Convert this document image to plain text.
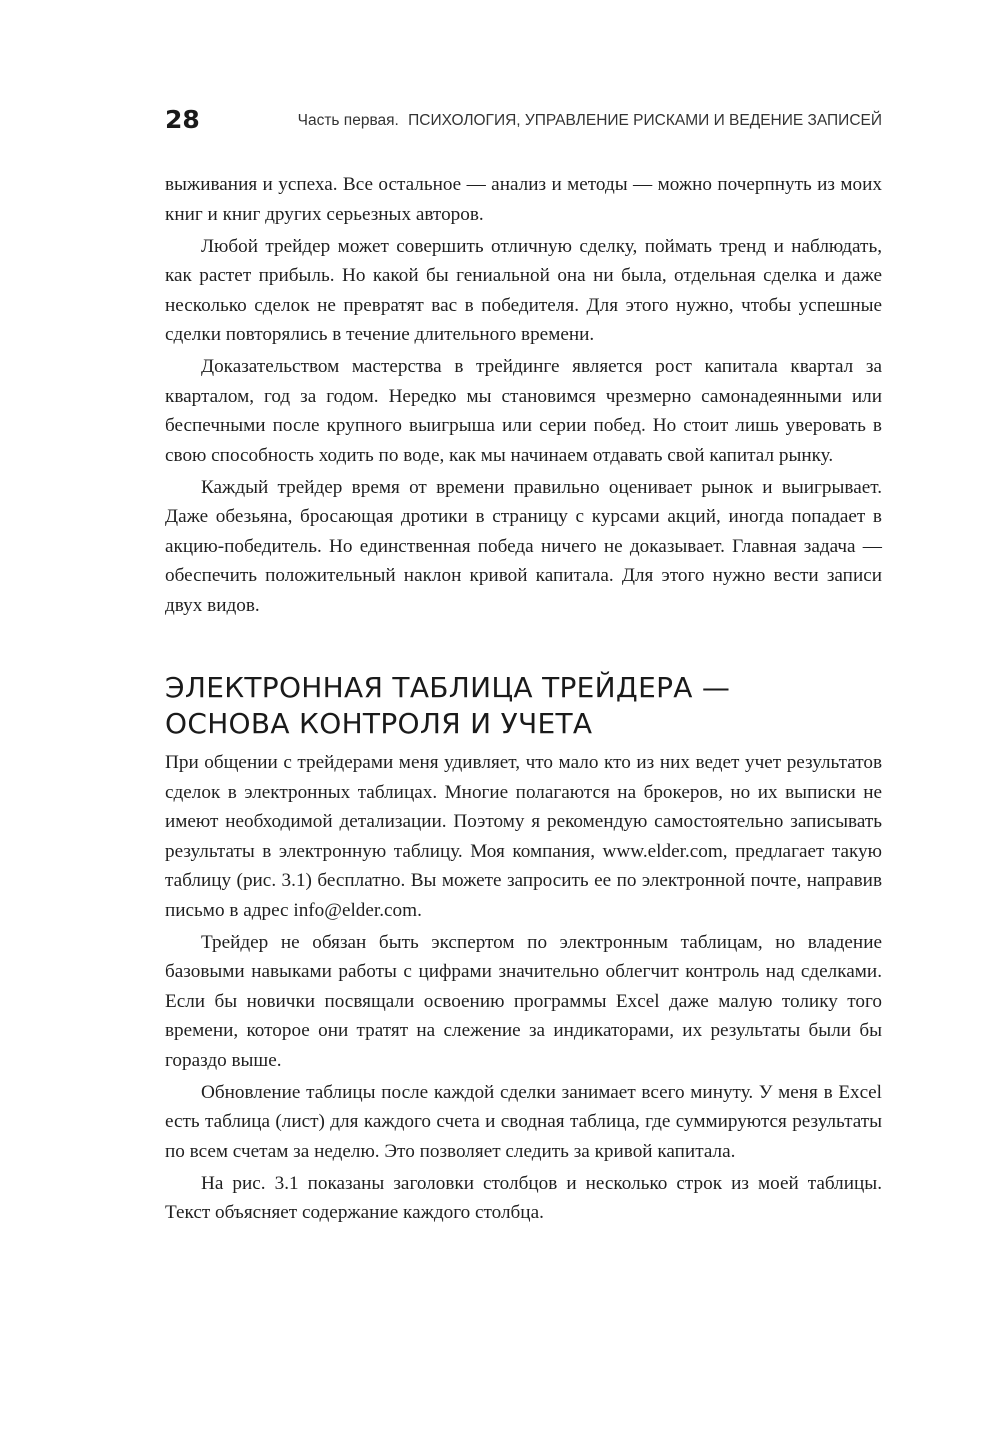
28	Часть первая. ПСИХОЛОГИЯ, УПРАВЛЕНИЕ РИСКАМИ И ВЕДЕНИЕ ЗАПИСЕЙ

выживания и успеха. Все остальное — анализ и методы — можно почерпнуть из моих книг и книг других серьезных авторов.

Любой трейдер может совершить отличную сделку, поймать тренд и наблюдать, как растет прибыль. Но какой бы гениальной она ни была, отдельная сделка и даже несколько сделок не превратят вас в победителя. Для этого нужно, чтобы успешные сделки повторялись в течение длительного времени.

Доказательством мастерства в трейдинге является рост капитала квартал за кварталом, год за годом. Нередко мы становимся чрезмерно самонадеянными или беспечными после крупного выигрыша или серии побед. Но стоит лишь уверовать в свою способность ходить по воде, как мы начинаем отдавать свой капитал рынку.

Каждый трейдер время от времени правильно оценивает рынок и выигрывает. Даже обезьяна, бросающая дротики в страницу с курсами акций, иногда попадает в акцию-победитель. Но единственная победа ничего не доказывает. Главная задача — обеспечить положительный наклон кривой капитала. Для этого нужно вести записи двух видов.

ЭЛЕКТРОННАЯ ТАБЛИЦА ТРЕЙДЕРА —
ОСНОВА КОНТРОЛЯ И УЧЕТА

При общении с трейдерами меня удивляет, что мало кто из них ведет учет результатов сделок в электронных таблицах. Многие полагаются на брокеров, но их выписки не имеют необходимой детализации. Поэтому я рекомендую самостоятельно записывать результаты в электронную таблицу. Моя компания, www.elder.com, предлагает такую таблицу (рис. 3.1) бесплатно. Вы можете запросить ее по электронной почте, направив письмо в адрес info@elder.com.

Трейдер не обязан быть экспертом по электронным таблицам, но владение базовыми навыками работы с цифрами значительно облегчит контроль над сделками. Если бы новички посвящали освоению программы Excel даже малую толику того времени, которое они тратят на слежение за индикаторами, их результаты были бы гораздо выше.

Обновление таблицы после каждой сделки занимает всего минуту. У меня в Excel есть таблица (лист) для каждого счета и сводная таблица, где суммируются результаты по всем счетам за неделю. Это позволяет следить за кривой капитала.

На рис. 3.1 показаны заголовки столбцов и несколько строк из моей таблицы. Текст объясняет содержание каждого столбца.
